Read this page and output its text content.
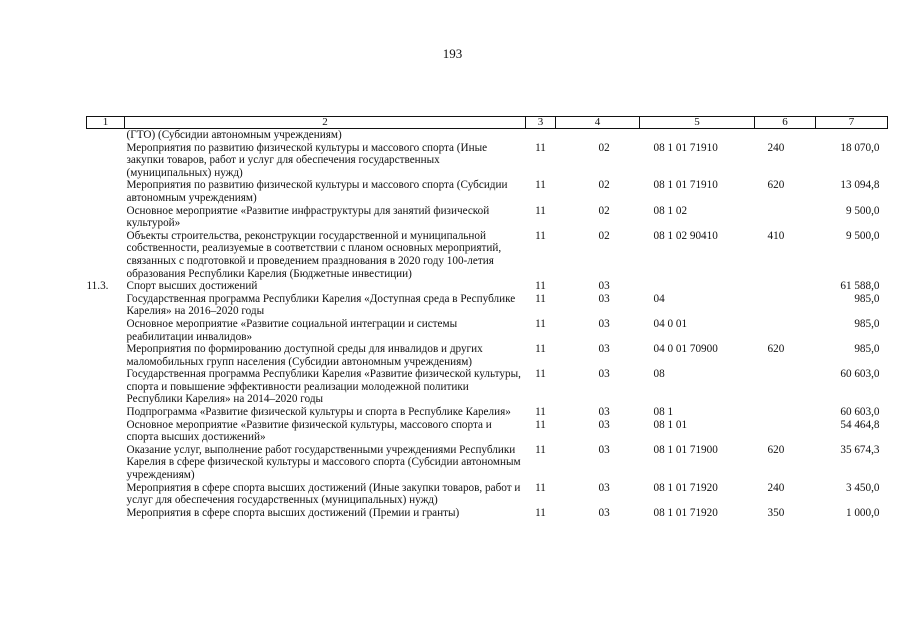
193
1	2	3	4	5	6	7
	(ГТО) (Субсидии автономным учреждениям)					
	Мероприятия по развитию физической культуры и массового спорта (Иные закупки товаров, работ и услуг для обеспечения государственных (муниципальных) нужд)	11	02	08 1 01 71910	240	18 070,0
	Мероприятия по развитию физической культуры и массового спорта (Субсидии автономным учреждениям)	11	02	08 1 01 71910	620	13 094,8
	Основное мероприятие «Развитие инфраструктуры для занятий физической культурой»	11	02	08 1 02		9 500,0
	Объекты строительства, реконструкции государственной и муниципальной собственности, реализуемые в соответствии с планом основных мероприятий, связанных с подготовкой и проведением празднования в 2020 году 100-летия образования Республики Карелия (Бюджетные инвестиции)	11	02	08 1 02 90410	410	9 500,0
11.3.	Спорт высших достижений	11	03			61 588,0
	Государственная программа Республики Карелия «Доступная среда в Республике Карелия» на 2016–2020 годы	11	03	04		985,0
	Основное мероприятие «Развитие социальной интеграции и системы реабилитации инвалидов»	11	03	04 0 01		985,0
	Мероприятия по формированию доступной среды для инвалидов и других маломобильных групп населения (Субсидии автономным учреждениям)	11	03	04 0 01 70900	620	985,0
	Государственная программа Республики Карелия «Развитие физической культуры, спорта и повышение эффективности реализации молодежной политики Республики Карелия» на 2014–2020 годы	11	03	08		60 603,0
	Подпрограмма «Развитие физической культуры и спорта в Республике Карелия»	11	03	08 1		60 603,0
	Основное мероприятие «Развитие физической культуры, массового спорта и спорта высших достижений»	11	03	08 1 01		54 464,8
	Оказание услуг, выполнение работ государственными учреждениями Республики Карелия в сфере физической культуры и массового спорта (Субсидии автономным учреждениям)	11	03	08 1 01 71900	620	35 674,3
	Мероприятия в сфере спорта высших достижений (Иные закупки товаров, работ и услуг для обеспечения государственных (муниципальных) нужд)	11	03	08 1 01 71920	240	3 450,0
	Мероприятия в сфере спорта высших достижений (Премии и гранты)	11	03	08 1 01 71920	350	1 000,0
